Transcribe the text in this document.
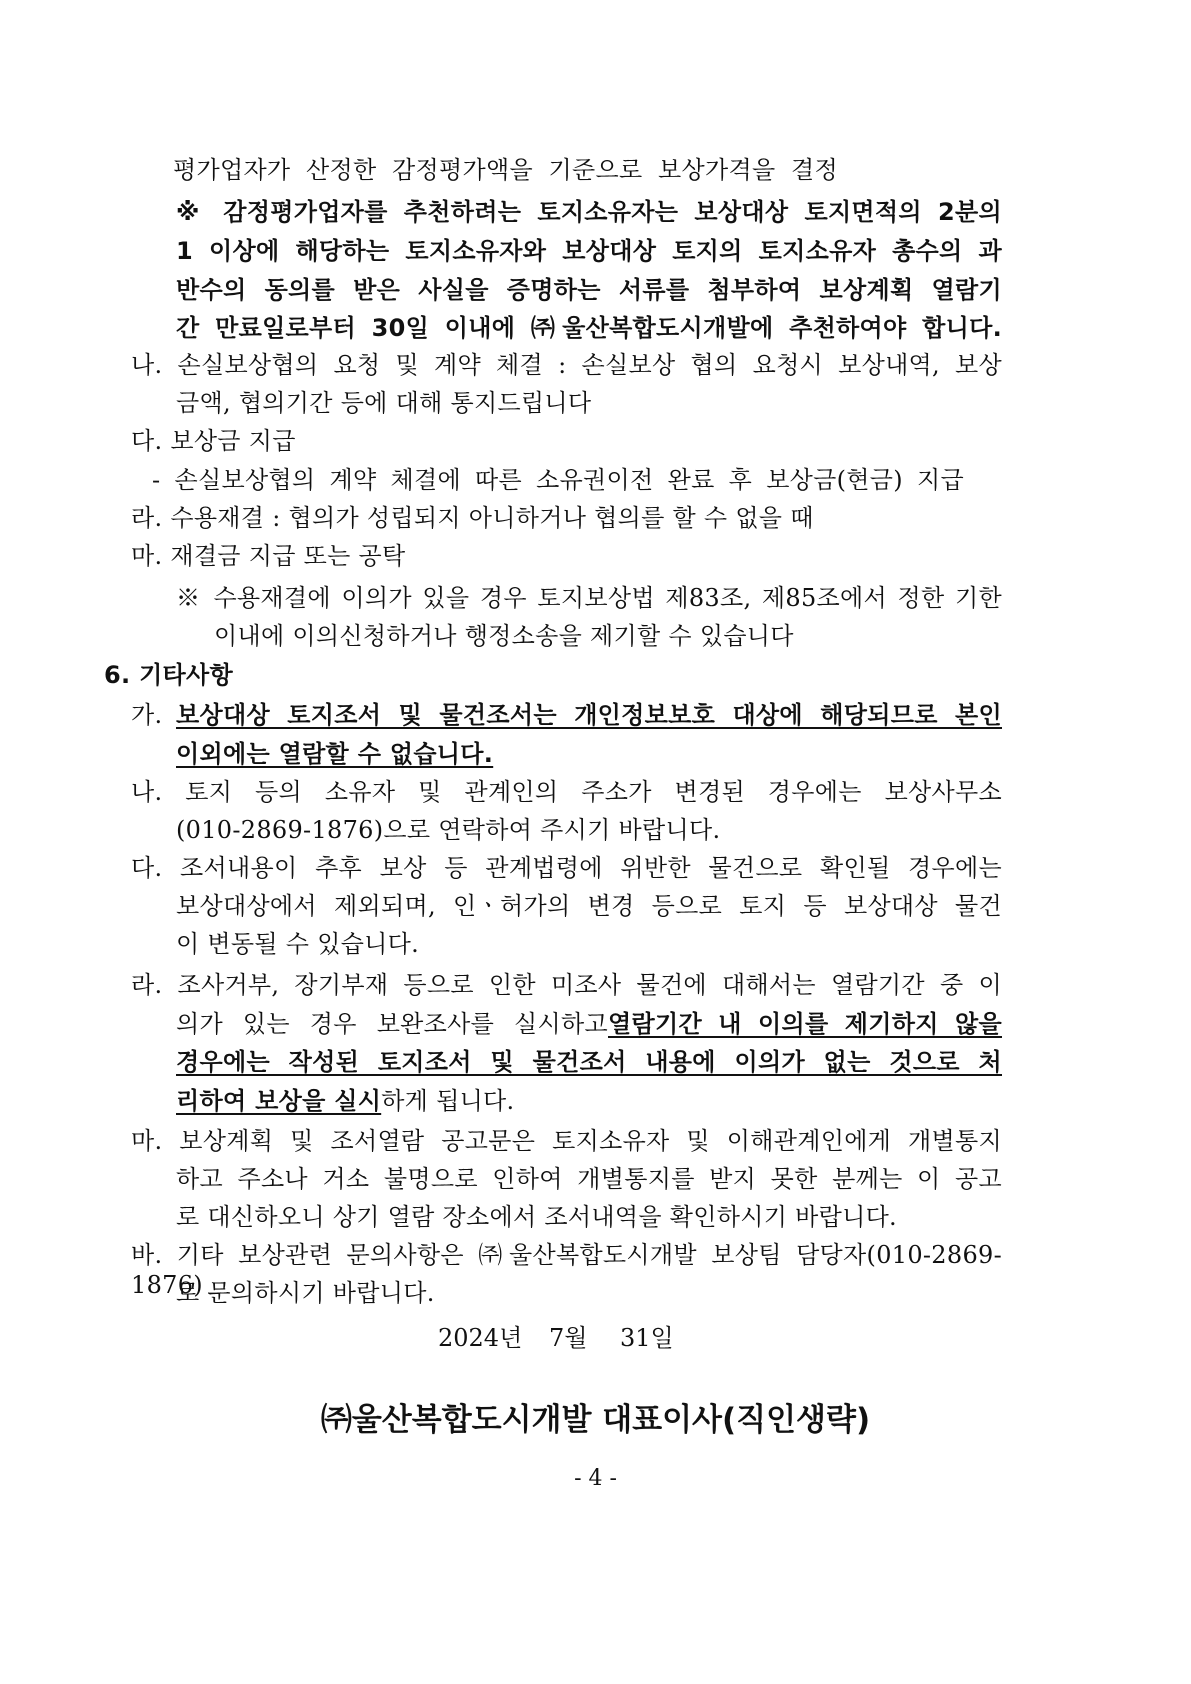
평가업자가 산정한 감정평가액을 기준으로 보상가격을 결정
※ 감정평가업자를 추천하려는 토지소유자는 보상대상 토지면적의 2분의
1 이상에 해당하는 토지소유자와 보상대상 토지의 토지소유자 총수의 과
반수의 동의를 받은 사실을 증명하는 서류를 첨부하여 보상계획 열람기
간 만료일로부터 30일 이내에 ㈜울산복합도시개발에 추천하여야 합니다.
나. 손실보상협의 요청 및 계약 체결 : 손실보상 협의 요청시 보상내역, 보상
금액, 협의기간 등에 대해 통지드립니다
다. 보상금 지급
- 손실보상협의 계약 체결에 따른 소유권이전 완료 후 보상금(현금) 지급
라. 수용재결 : 협의가 성립되지 아니하거나 협의를 할 수 없을 때
마. 재결금 지급 또는 공탁
※ 수용재결에 이의가 있을 경우 토지보상법 제83조, 제85조에서 정한 기한
이내에 이의신청하거나 행정소송을 제기할 수 있습니다
6. 기타사항
가. 보상대상 토지조서 및 물건조서는 개인정보보호 대상에 해당되므로 본인
이외에는 열람할 수 없습니다.
나. 토지 등의 소유자 및 관계인의 주소가 변경된 경우에는 보상사무소
(010-2869-1876)으로 연락하여 주시기 바랍니다.
다. 조서내용이 추후 보상 등 관계법령에 위반한 물건으로 확인될 경우에는
보상대상에서 제외되며, 인ㆍ허가의 변경 등으로 토지 등 보상대상 물건
이 변동될 수 있습니다.
라. 조사거부, 장기부재 등으로 인한 미조사 물건에 대해서는 열람기간 중 이
의가 있는 경우 보완조사를 실시하고 열람기간 내 이의를 제기하지 않을
경우에는 작성된 토지조서 및 물건조서 내용에 이의가 없는 것으로 처
리하여 보상을 실시하게 됩니다.
마. 보상계획 및 조서열람 공고문은 토지소유자 및 이해관계인에게 개별통지
하고 주소나 거소 불명으로 인하여 개별통지를 받지 못한 분께는 이 공고
로 대신하오니 상기 열람 장소에서 조서내역을 확인하시기 바랍니다.
바. 기타 보상관련 문의사항은 ㈜울산복합도시개발 보상팀 담당자(010-2869-1876)
로 문의하시기 바랍니다.
2024년 7월 31일
㈜울산복합도시개발 대표이사(직인생략)
- 4 -
